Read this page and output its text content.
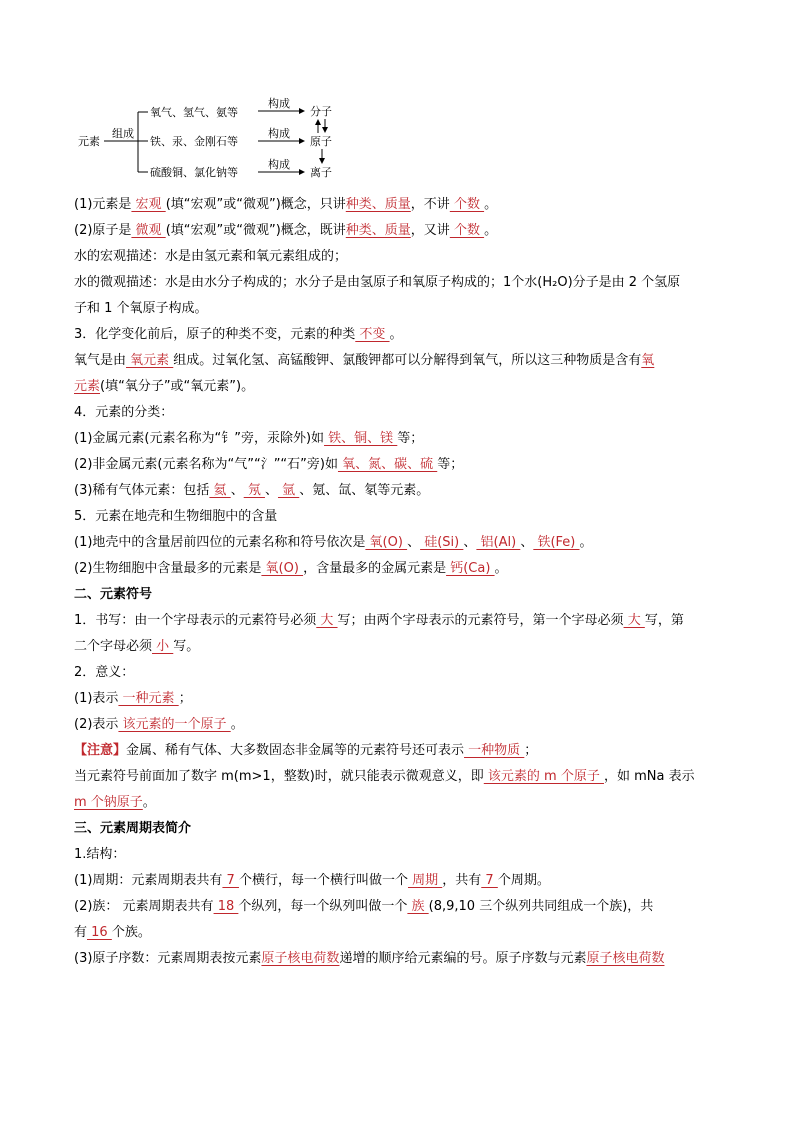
元素
组成
氧气、氢气、氨等
铁、汞、金刚石等
硫酸铜、氯化钠等
构成
构成
构成
分子
原子
离子
(1)元素是 宏观 (填“宏观”或“微观”)概念，只讲种类、质量，不讲 个数 。
(2)原子是 微观 (填“宏观”或“微观”)概念，既讲种类、质量，又讲 个数 。
水的宏观描述：水是由氢元素和氧元素组成的；
水的微观描述：水是由水分子构成的；水分子是由氢原子和氧原子构成的；1个水(H₂O)分子是由 2 个氢原
子和 1 个氧原子构成。
3．化学变化前后，原子的种类不变，元素的种类 不变 。
氧气是由 氧元素 组成。过氧化氢、高锰酸钾、氯酸钾都可以分解得到氧气，所以这三种物质是含有氧
元素(填“氧分子”或“氧元素”)。
4．元素的分类：
(1)金属元素(元素名称为“钅”旁，汞除外)如 铁、铜、镁 等；
(2)非金属元素(元素名称为“气”“氵”“石”旁)如 氧、氮、碳、硫 等；
(3)稀有气体元素：包括 氦 、 氖 、 氩 、氪、氙、氡等元素。
5．元素在地壳和生物细胞中的含量
(1)地壳中的含量居前四位的元素名称和符号依次是 氧(O) 、 硅(Si) 、 铝(Al) 、 铁(Fe) 。
(2)生物细胞中含量最多的元素是 氧(O) ，含量最多的金属元素是 钙(Ca) 。
二、元素符号
1．书写：由一个字母表示的元素符号必须 大 写；由两个字母表示的元素符号，第一个字母必须 大 写，第
二个字母必须 小 写。
2．意义：
(1)表示 一种元素 ；
(2)表示 该元素的一个原子 。
【注意】金属、稀有气体、大多数固态非金属等的元素符号还可表示 一种物质 ；
当元素符号前面加了数字 m(m>1，整数)时，就只能表示微观意义，即 该元素的 m 个原子 ，如 mNa 表示
m 个钠原子。
三、元素周期表简介
1.结构：
(1)周期：元素周期表共有 7 个横行，每一个横行叫做一个 周期 ，共有 7 个周期。
(2)族： 元素周期表共有 18 个纵列，每一个纵列叫做一个 族 (8,9,10 三个纵列共同组成一个族)，共
有 16 个族。
(3)原子序数：元素周期表按元素原子核电荷数递增的顺序给元素编的号。原子序数与元素原子核电荷数
